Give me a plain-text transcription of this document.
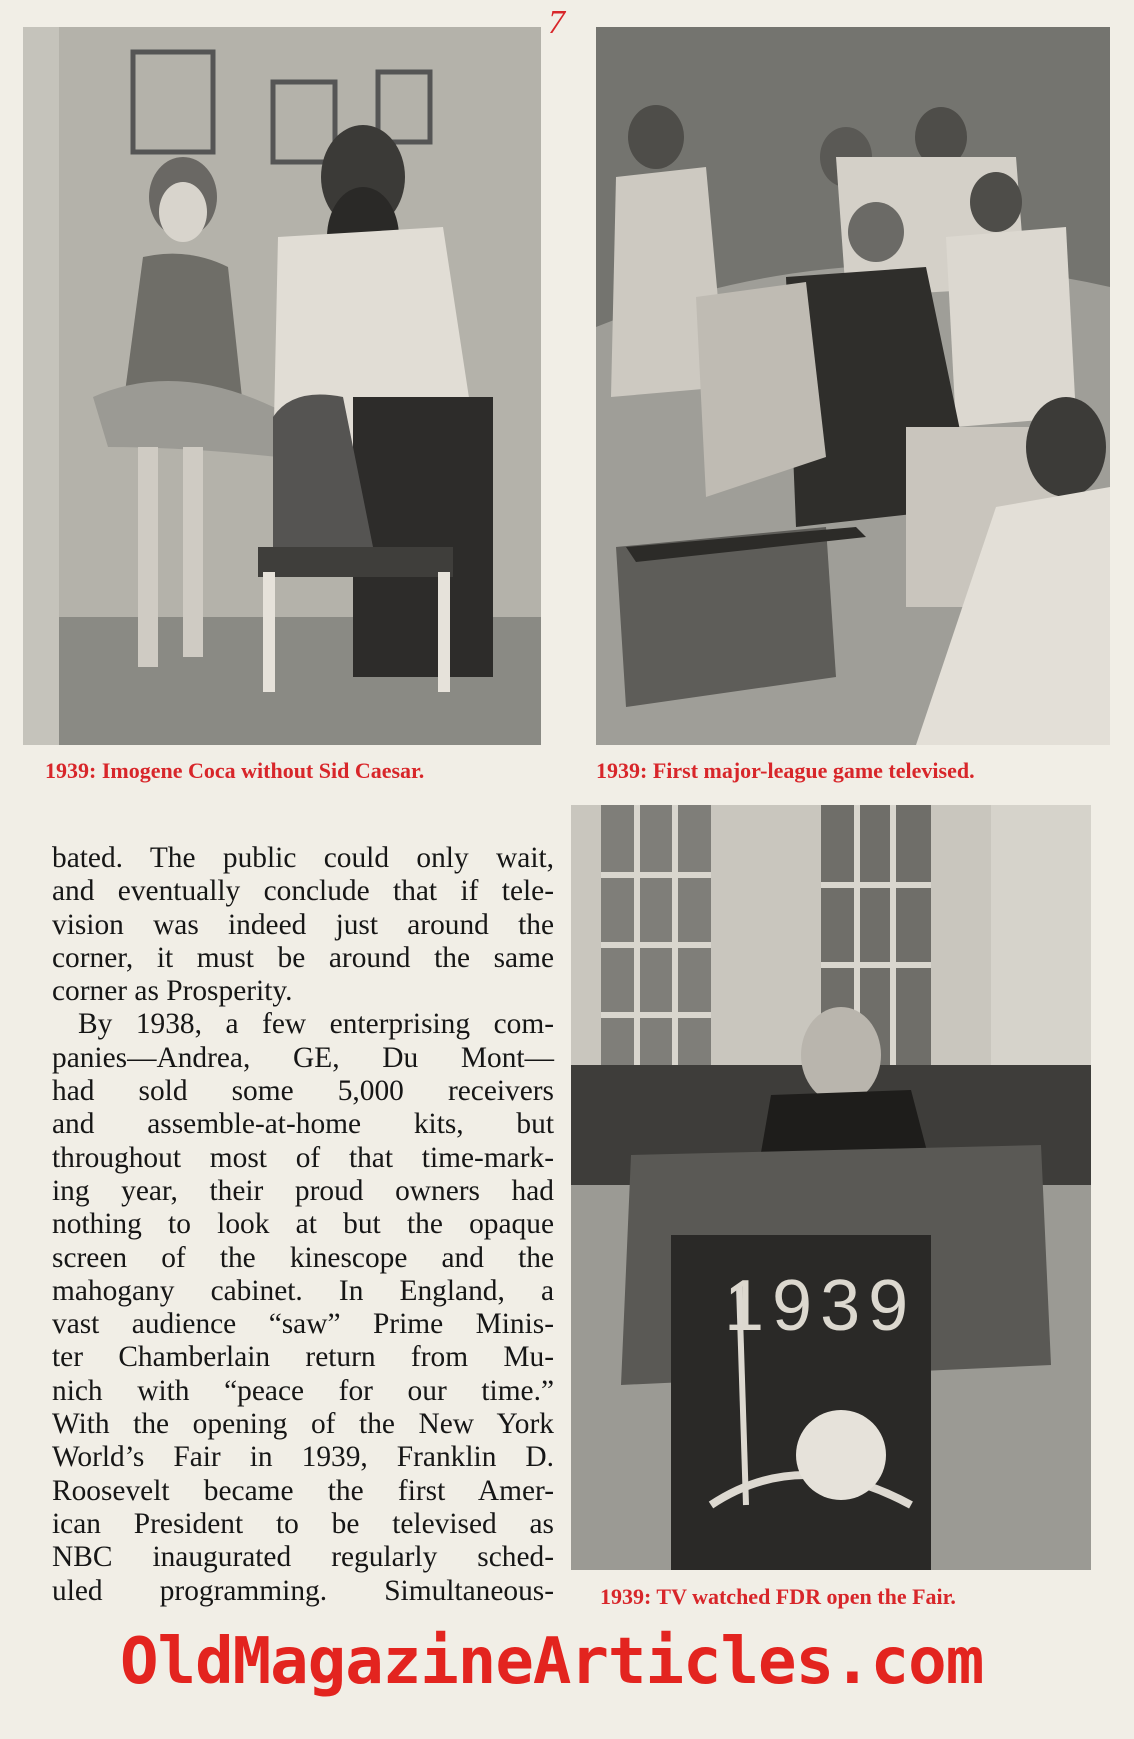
7
1939: Imogene Coca without Sid Caesar.	1939: First major-league game televised.
1939
1939: TV watched FDR open the Fair.
bated. The public could only wait,
and eventually conclude that if tele-
vision was indeed just around the
corner, it must be around the same
corner as Prosperity.
By 1938, a few enterprising com-
panies—Andrea, GE, Du Mont—
had sold some 5,000 receivers
and assemble-at-home kits, but
throughout most of that time-mark-
ing year, their proud owners had
nothing to look at but the opaque
screen of the kinescope and the
mahogany cabinet. In England, a
vast audience “saw” Prime Minis-
ter Chamberlain return from Mu-
nich with “peace for our time.”
With the opening of the New York
World’s Fair in 1939, Franklin D.
Roosevelt became the first Amer-
ican President to be televised as
NBC inaugurated regularly sched-
uled programming. Simultaneous-
OldMagazineArticles.com
